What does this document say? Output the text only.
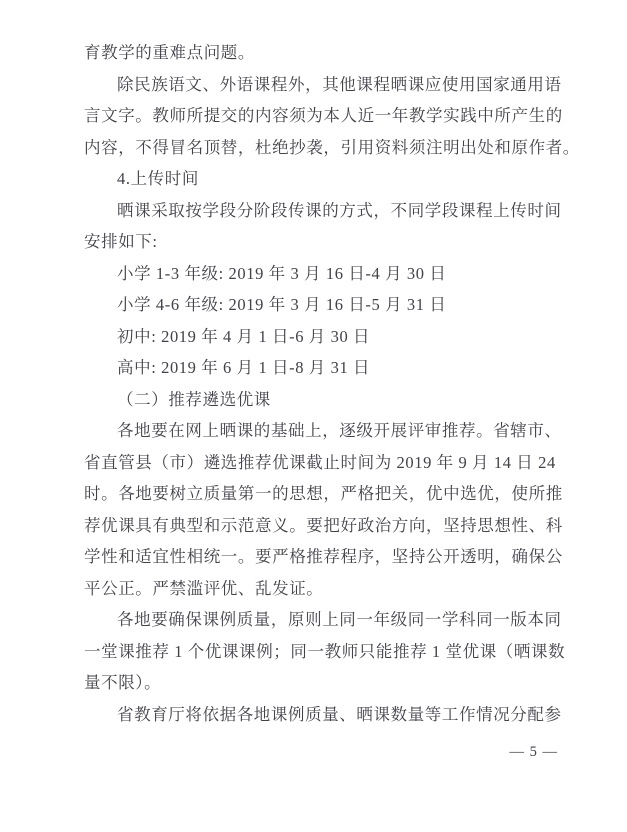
育教学的重难点问题。
除民族语文、外语课程外，其他课程晒课应使用国家通用语
言文字。教师所提交的内容须为本人近一年教学实践中所产生的
内容，不得冒名顶替，杜绝抄袭，引用资料须注明出处和原作者。
4.上传时间
晒课采取按学段分阶段传课的方式，不同学段课程上传时间
安排如下:
小学 1-3 年级: 2019 年 3 月 16 日-4 月 30 日
小学 4-6 年级: 2019 年 3 月 16 日-5 月 31 日
初中: 2019 年 4 月 1 日-6 月 30 日
高中: 2019 年 6 月 1 日-8 月 31 日
（二）推荐遴选优课
各地要在网上晒课的基础上，逐级开展评审推荐。省辖市、
省直管县（市）遴选推荐优课截止时间为 2019 年 9 月 14 日 24
时。各地要树立质量第一的思想，严格把关，优中选优，使所推
荐优课具有典型和示范意义。要把好政治方向，坚持思想性、科
学性和适宜性相统一。要严格推荐程序，坚持公开透明，确保公
平公正。严禁滥评优、乱发证。
各地要确保课例质量，原则上同一年级同一学科同一版本同
一堂课推荐 1 个优课课例；同一教师只能推荐 1 堂优课（晒课数
量不限）。
省教育厅将依据各地课例质量、晒课数量等工作情况分配参
— 5 —
